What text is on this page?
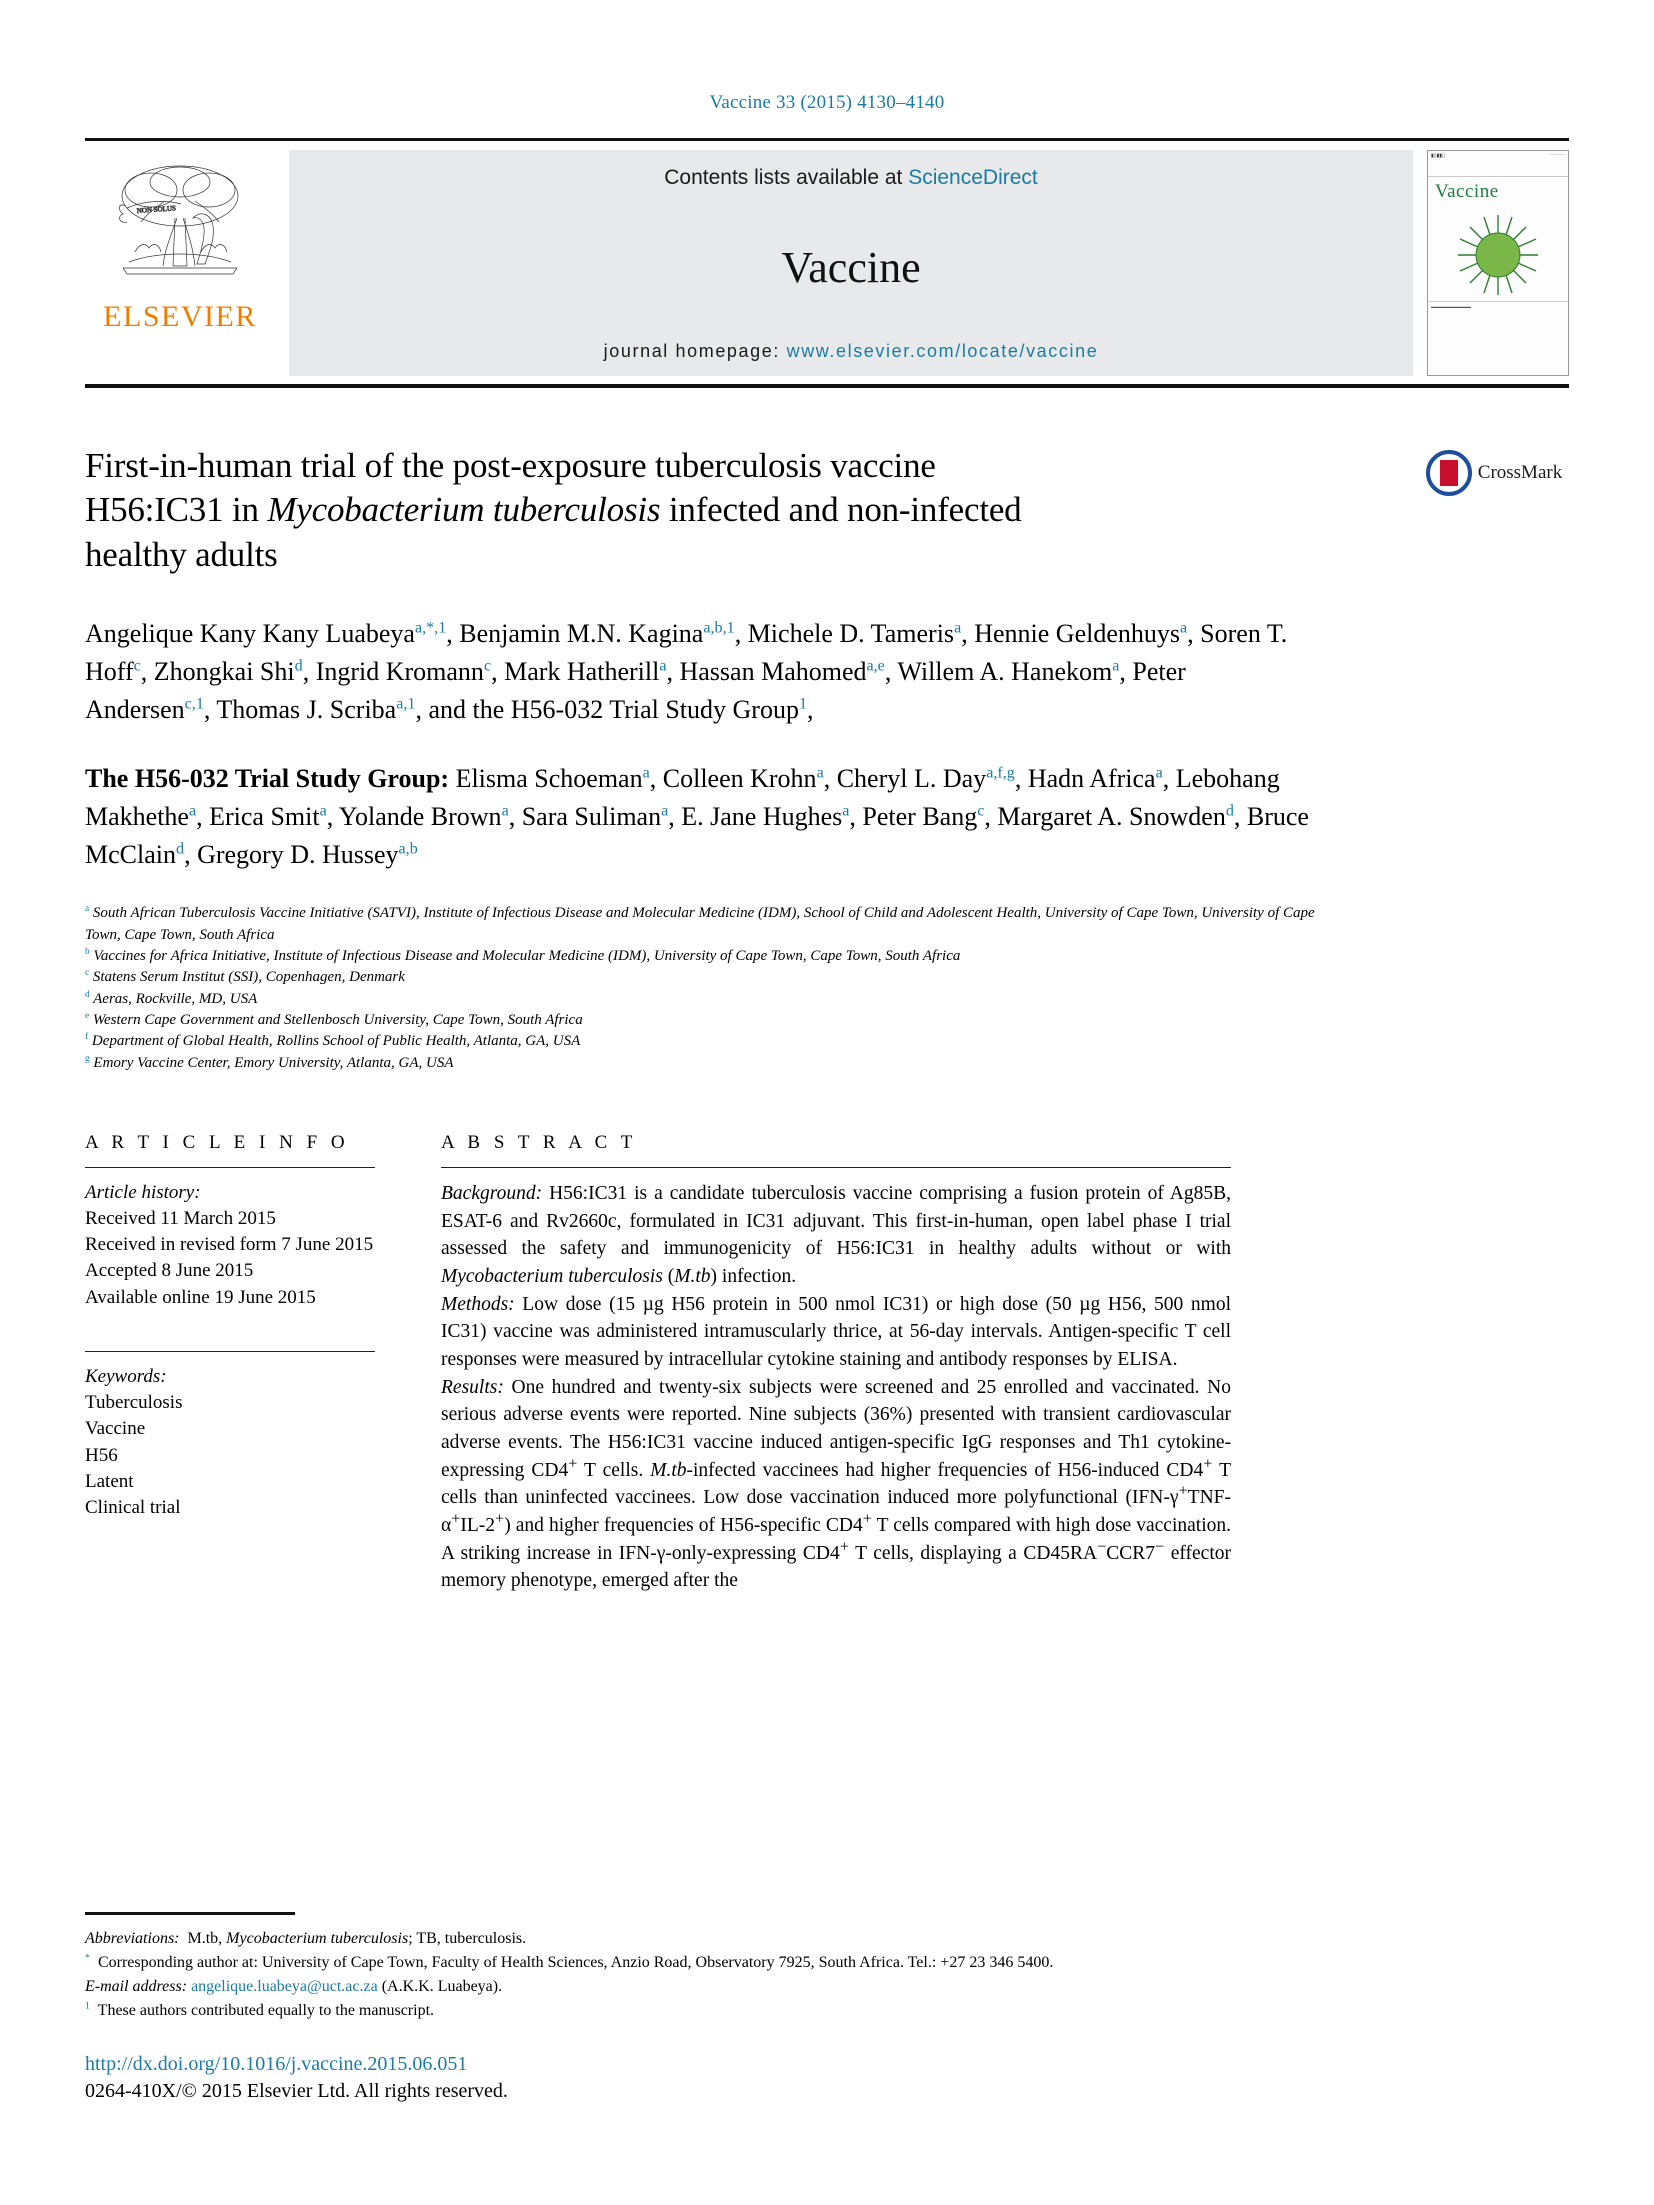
Vaccine 33 (2015) 4130–4140
NON SOLUS
ELSEVIER
Contents lists available at ScienceDirect
Vaccine
journal homepage: www.elsevier.com/locate/vaccine
▮▯▮▮▯	·········
Vaccine
▬▬▬▬▬▬▬▬▬▬
First-in-human trial of the post-exposure tuberculosis vaccine
H56:IC31 in Mycobacterium tuberculosis infected and non-infected
healthy adults
CrossMark
Angelique Kany Kany Luabeya$^{a,*,1}$, Benjamin M.N. Kagina$^{a,b,1}$, Michele D. Tameris$^a$, Hennie Geldenhuys$^a$, Soren T. Hoff$^c$, Zhongkai Shi$^d$, Ingrid Kromann$^c$, Mark Hatherill$^a$, Hassan Mahomed$^{a,e}$, Willem A. Hanekom$^a$, Peter Andersen$^{c,1}$, Thomas J. Scriba$^{a,1}$, and the H56-032 Trial Study Group$^1$,
The H56-032 Trial Study Group: Elisma Schoeman$^a$, Colleen Krohn$^a$, Cheryl L. Day$^{a,f,g}$, Hadn Africa$^a$, Lebohang Makhethe$^a$, Erica Smit$^a$, Yolande Brown$^a$, Sara Suliman$^a$, E. Jane Hughes$^a$, Peter Bang$^c$, Margaret A. Snowden$^d$, Bruce McClain$^d$, Gregory D. Hussey$^{a,b}$

$^a$ South African Tuberculosis Vaccine Initiative (SATVI), Institute of Infectious Disease and Molecular Medicine (IDM), School of Child and Adolescent Health, University of Cape Town, University of Cape Town, Cape Town, South Africa

$^b$ Vaccines for Africa Initiative, Institute of Infectious Disease and Molecular Medicine (IDM), University of Cape Town, Cape Town, South Africa

$^c$ Statens Serum Institut (SSI), Copenhagen, Denmark

$^d$ Aeras, Rockville, MD, USA

$^e$ Western Cape Government and Stellenbosch University, Cape Town, South Africa

$^f$ Department of Global Health, Rollins School of Public Health, Atlanta, GA, USA

$^g$ Emory Vaccine Center, Emory University, Atlanta, GA, USA

A R T I C L E I N F O
Article history:
Received 11 March 2015
Received in revised form 7 June 2015
Accepted 8 June 2015
Available online 19 June 2015
Keywords:
Tuberculosis
Vaccine
H56
Latent
Clinical trial
A B S T R A C T

Background: H56:IC31 is a candidate tuberculosis vaccine comprising a fusion protein of Ag85B, ESAT-6 and Rv2660c, formulated in IC31 adjuvant. This first-in-human, open label phase I trial assessed the safety and immunogenicity of H56:IC31 in healthy adults without or with Mycobacterium tuberculosis (M.tb) infection.

Methods: Low dose (15 µg H56 protein in 500 nmol IC31) or high dose (50 µg H56, 500 nmol IC31) vaccine was administered intramuscularly thrice, at 56-day intervals. Antigen-specific T cell responses were measured by intracellular cytokine staining and antibody responses by ELISA.

Results: One hundred and twenty-six subjects were screened and 25 enrolled and vaccinated. No serious adverse events were reported. Nine subjects (36%) presented with transient cardiovascular adverse events. The H56:IC31 vaccine induced antigen-specific IgG responses and Th1 cytokine-expressing CD4+ T cells. M.tb-infected vaccinees had higher frequencies of H56-induced CD4+ T cells than uninfected vaccinees. Low dose vaccination induced more polyfunctional (IFN-γ+TNF-α+IL-2+) and higher frequencies of H56-specific CD4+ T cells compared with high dose vaccination. A striking increase in IFN-γ-only-expressing CD4+ T cells, displaying a CD45RA−CCR7− effector memory phenotype, emerged after the

Abbreviations:  M.tb, Mycobacterium tuberculosis; TB, tuberculosis.

*  Corresponding author at: University of Cape Town, Faculty of Health Sciences, Anzio Road, Observatory 7925, South Africa. Tel.: +27 23 346 5400.

E-mail address: angelique.luabeya@uct.ac.za (A.K.K. Luabeya).

$^1$  These authors contributed equally to the manuscript.

http://dx.doi.org/10.1016/j.vaccine.2015.06.051
0264-410X/© 2015 Elsevier Ltd. All rights reserved.
